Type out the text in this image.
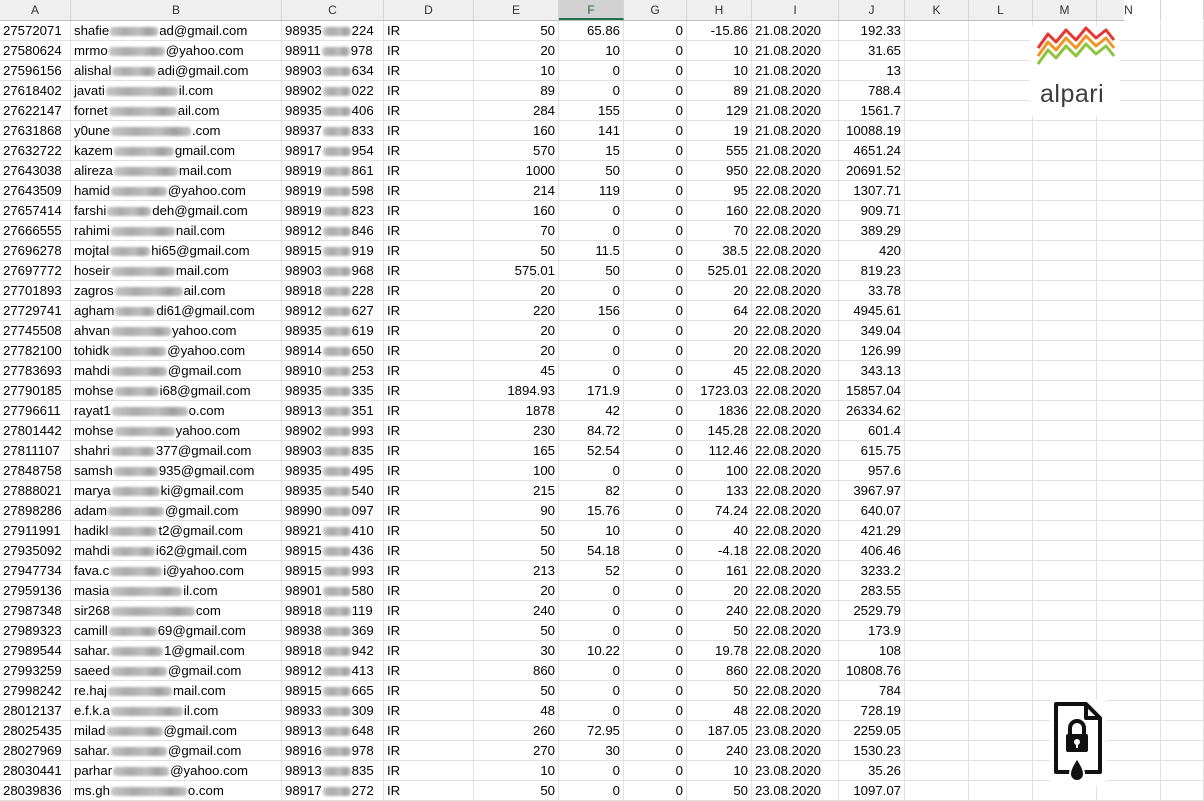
A	B	C	D	E	F	G	H	I	J	K	L	M	N
27572071 shafie	ad@gmail.com	98935 224	IR	50	65.86	0	-15.86 21.08.2020	192.33
27580624 mrmo	@yahoo.com	98911 978	IR	20	10	0	10 21.08.2020	31.65
27596156 alishal	adi@gmail.com	98903 634	IR	10	0	0	10 21.08.2020	13
27618402 javati	il.com	98902 022	IR	89	0	0	89 21.08.2020	788.4
27622147 fornet	ail.com	98935 406	IR	284	155	0	129 21.08.2020	1561.7
27631868 y0une	.com	98937 833	IR	160	141	0	19 21.08.2020	10088.19
27632722 kazem	gmail.com	98917 954	IR	570	15	0	555 21.08.2020	4651.24
27643038 alireza	mail.com	98919 861	IR	1000	50	0	950 22.08.2020	20691.52
27643509 hamid	@yahoo.com	98919 598	IR	214	119	0	95 22.08.2020	1307.71
27657414 farshi	deh@gmail.com	98919 823	IR	160	0	0	160 22.08.2020	909.71
27666555 rahimi	nail.com	98912 846	IR	70	0	0	70 22.08.2020	389.29
27696278 mojtal	hi65@gmail.com	98915 919	IR	50	11.5	0	38.5 22.08.2020	420
27697772 hoseir	mail.com	98903 968	IR	575.01	50	0	525.01 22.08.2020	819.23
27701893 zagros	ail.com	98918 228	IR	20	0	0	20 22.08.2020	33.78
27729741 agham	di61@gmail.com	98912 627	IR	220	156	0	64 22.08.2020	4945.61
27745508 ahvan	yahoo.com	98935 619	IR	20	0	0	20 22.08.2020	349.04
27782100 tohidk	@yahoo.com	98914 650	IR	20	0	0	20 22.08.2020	126.99
27783693 mahdi	@gmail.com	98910 253	IR	45	0	0	45 22.08.2020	343.13
27790185 mohse	i68@gmail.com	98935 335	IR	1894.93	171.9	0	1723.03 22.08.2020	15857.04
27796611	rayat1	o.com	98913 351	IR	1878	42	0	1836 22.08.2020	26334.62
27801442 mohse	yahoo.com	98902 993	IR	230	84.72	0	145.28 22.08.2020	601.4
27811107	shahri	377@gmail.com	98903 835	IR	165	52.54	0	112.46 22.08.2020	615.75
27848758 samsh	935@gmail.com	98935 495	IR	100	0	0	100 22.08.2020	957.6
27888021 marya	ki@gmail.com	98935 540	IR	215	82	0	133 22.08.2020	3967.97
27898286 adam	@gmail.com	98990 097	IR	90	15.76	0	74.24 22.08.2020	640.07
27911991	hadikl	t2@gmail.com	98921 410	IR	50	10	0	40 22.08.2020	421.29
27935092 mahdi	i62@gmail.com	98915 436	IR	50	54.18	0	-4.18 22.08.2020	406.46
27947734 fava.c	i@yahoo.com	98915 993	IR	213	52	0	161 22.08.2020	3233.2
27959136 masia	il.com	98901 580	IR	20	0	0	20 22.08.2020	283.55
27987348 sir268	com	98918 119	IR	240	0	0	240 22.08.2020	2529.79
27989323 camill	69@gmail.com	98938 369	IR	50	0	0	50 22.08.2020	173.9
27989544 sahar.	1@gmail.com	98918 942	IR	30	10.22	0	19.78 22.08.2020	108
27993259 saeed	@gmail.com	98912 413	IR	860	0	0	860 22.08.2020	10808.76
27998242 re.haj	mail.com	98915 665	IR	50	0	0	50 22.08.2020	784
28012137 e.f.k.a	il.com	98933 309	IR	48	0	0	48 22.08.2020	728.19
28025435 milad	@gmail.com	98913 648	IR	260	72.95	0	187.05 23.08.2020	2259.05
28027969 sahar.	@gmail.com	98916 978	IR	270	30	0	240 23.08.2020	1530.23
28030441 parhar	@yahoo.com	98913 835	IR	10	0	0	10 23.08.2020	35.26
28039836 ms.gh	o.com	98917 272	IR	50	0	0	50 23.08.2020	1097.07
alpari
